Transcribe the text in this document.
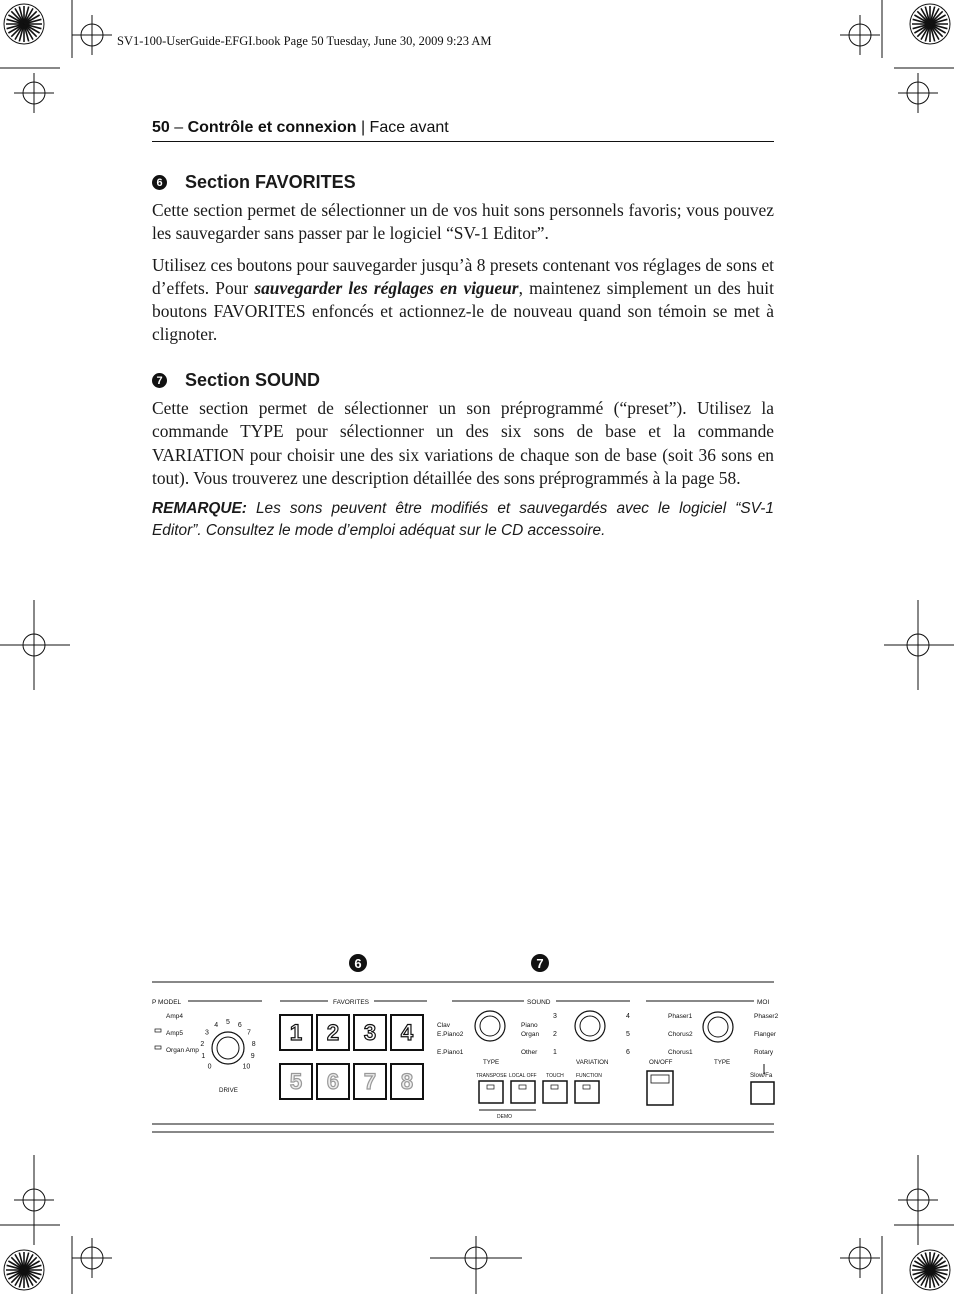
SV1-100-UserGuide-EFGI.book Page 50 Tuesday, June 30, 2009 9:23 AM
50 – Contrôle et connexion | Face avant
6 Section FAVORITES

Cette section permet de sélectionner un de vos huit sons personnels favoris; vous pouvez les sauvegarder sans passer par le logiciel “SV-1 Editor”.

Utilisez ces boutons pour sauvegarder jusqu’à 8 presets contenant vos réglages de sons et d’effets. Pour sauvegarder les réglages en vigueur, maintenez simplement un des huit boutons FAVORITES enfoncés et actionnez-le de nouveau quand son témoin se met à clignoter.

7 Section SOUND

Cette section permet de sélectionner un son préprogrammé (“preset”). Utilisez la commande TYPE pour sélectionner un des six sons de base et la commande VARIATION pour choisir une des six variations de chaque son de base (soit 36 sons en tout). Vous trouverez une description détaillée des sons préprogrammés à la page 58.

REMARQUE: Les sons peuvent être modifiés et sauvegardés avec le logiciel “SV-1 Editor”. Consultez le mode d’emploi adéquat sur le CD accessoire.

6	7
P MODEL
Amp4
Amp5
Organ Amp
0
1
2
3
4 5 6
7
8
9
10
DRIVE
FAVORITES
1 2 3 4
5 6 7 8
SOUND
Clav
E.Piano2
E.Piano1
Piano
Organ
Other
TYPE
3
2
1
4
5
6
VARIATION
TRANSPOSE LOCAL OFF TOUCH FUNCTION
DEMO
MOI
Phaser1
Chorus2
Chorus1
Phaser2
Flanger
Rotary
ON/OFF	TYPE
Slow/Fa
